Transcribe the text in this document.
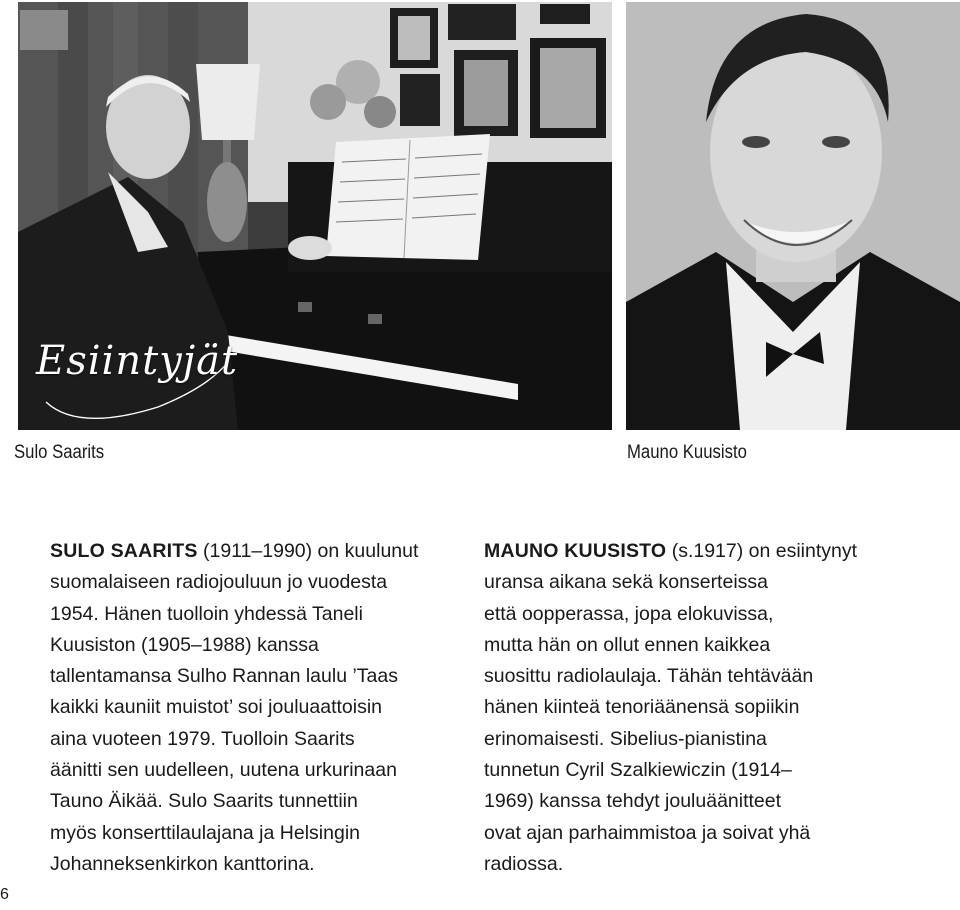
Esiintyjät
Sulo Saarits	Mauno Kuusisto
SULO SAARITS (1911–1990) on kuulunut
suomalaiseen radiojouluun jo vuodesta
1954. Hänen tuolloin yhdessä Taneli
Kuusiston (1905–1988) kanssa
tallentamansa Sulho Rannan laulu ’Taas
kaikki kauniit muistot’ soi jouluaattoisin
aina vuoteen 1979. Tuolloin Saarits
äänitti sen uudelleen, uutena urkurinaan
Tauno Äikää. Sulo Saarits tunnettiin
myös konserttilaulajana ja Helsingin
Johanneksenkirkon kanttorina.
MAUNO KUUSISTO (s.1917) on esiintynyt
uransa aikana sekä konserteissa
että oopperassa, jopa elokuvissa,
mutta hän on ollut ennen kaikkea
suosittu radiolaulaja. Tähän tehtävään
hänen kiinteä tenoriäänensä sopiikin
erinomaisesti. Sibelius-pianistina
tunnetun Cyril Szalkiewiczin (1914–
1969) kanssa tehdyt jouluäänitteet
ovat ajan parhaimmistoa ja soivat yhä
radiossa.
6
